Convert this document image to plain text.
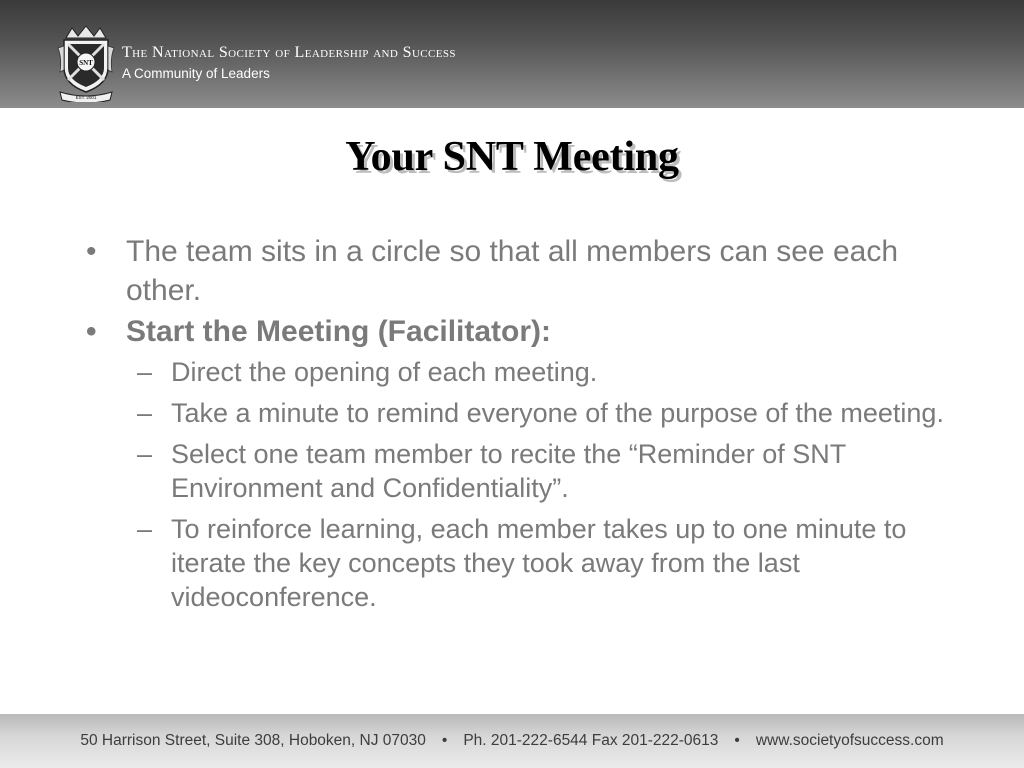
SNT
EST. 2001
The National Society of Leadership and Success
A Community of Leaders
Your SNT Meeting
• The team sits in a circle so that all members can see each other.
• Start the Meeting (Facilitator):
– Direct the opening of each meeting.
– Take a minute to remind everyone of the purpose of the meeting.
– Select one team member to recite the “Reminder of SNT Environment and Confidentiality”.
– To reinforce learning, each member takes up to one minute to iterate the key concepts they took away from the last videoconference.
50 Harrison Street, Suite 308, Hoboken, NJ 07030 • Ph. 201-222-6544 Fax 201-222-0613 • www.societyofsuccess.com
